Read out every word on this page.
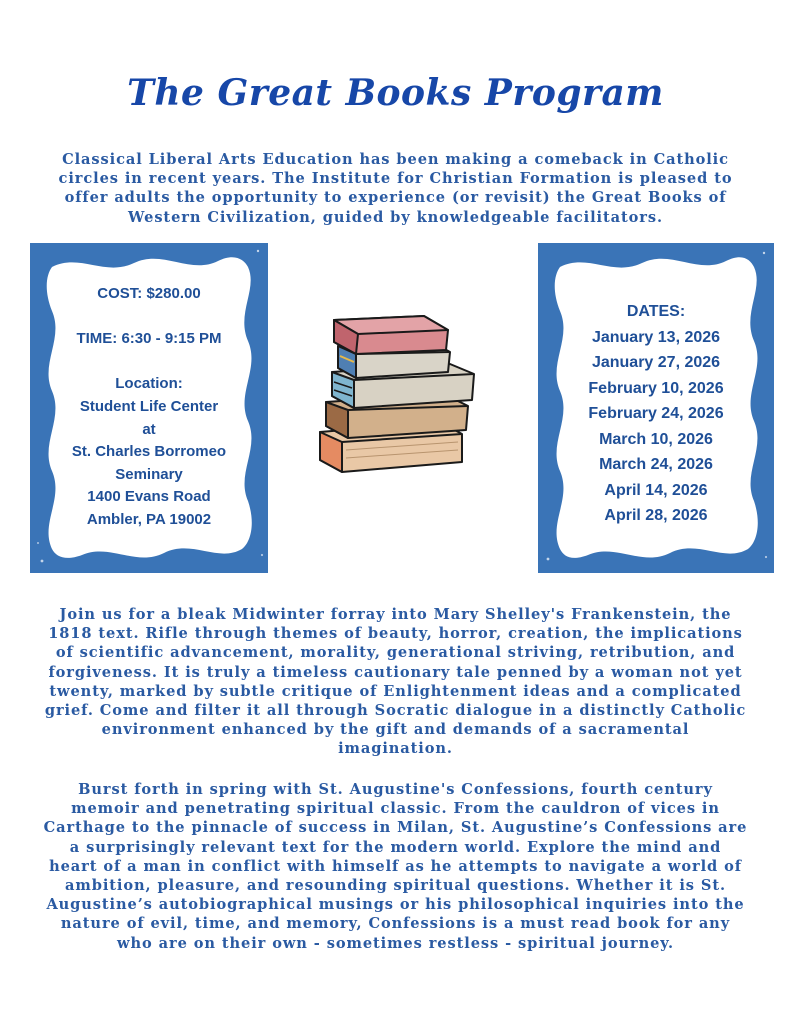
The Great Books Program
Classical Liberal Arts Education has been making a comeback in Catholic
circles in recent years. The Institute for Christian Formation is pleased to
offer adults the opportunity to experience (or revisit) the Great Books of
Western Civilization, guided by knowledgeable facilitators.
COST: $280.00
TIME: 6:30 - 9:15 PM
Location:
Student Life Center
at
St. Charles Borromeo
Seminary
1400 Evans Road
Ambler, PA 19002
DATES:
January 13, 2026
January 27, 2026
February 10, 2026
February 24, 2026
March 10, 2026
March 24, 2026
April 14, 2026
April 28, 2026
Join us for a bleak Midwinter forray into Mary Shelley's Frankenstein, the
1818 text. Rifle through themes of beauty, horror, creation, the implications
of scientific advancement, morality, generational striving, retribution, and
forgiveness. It is truly a timeless cautionary tale penned by a woman not yet
twenty, marked by subtle critique of Enlightenment ideas and a complicated
grief. Come and filter it all through Socratic dialogue in a distinctly Catholic
environment enhanced by the gift and demands of a sacramental
imagination.
Burst forth in spring with St. Augustine's Confessions, fourth century
memoir and penetrating spiritual classic. From the cauldron of vices in
Carthage to the pinnacle of success in Milan, St. Augustine’s Confessions are
a surprisingly relevant text for the modern world. Explore the mind and
heart of a man in conflict with himself as he attempts to navigate a world of
ambition, pleasure, and resounding spiritual questions. Whether it is St.
Augustine’s autobiographical musings or his philosophical inquiries into the
nature of evil, time, and memory, Confessions is a must read book for any
who are on their own - sometimes restless - spiritual journey.
